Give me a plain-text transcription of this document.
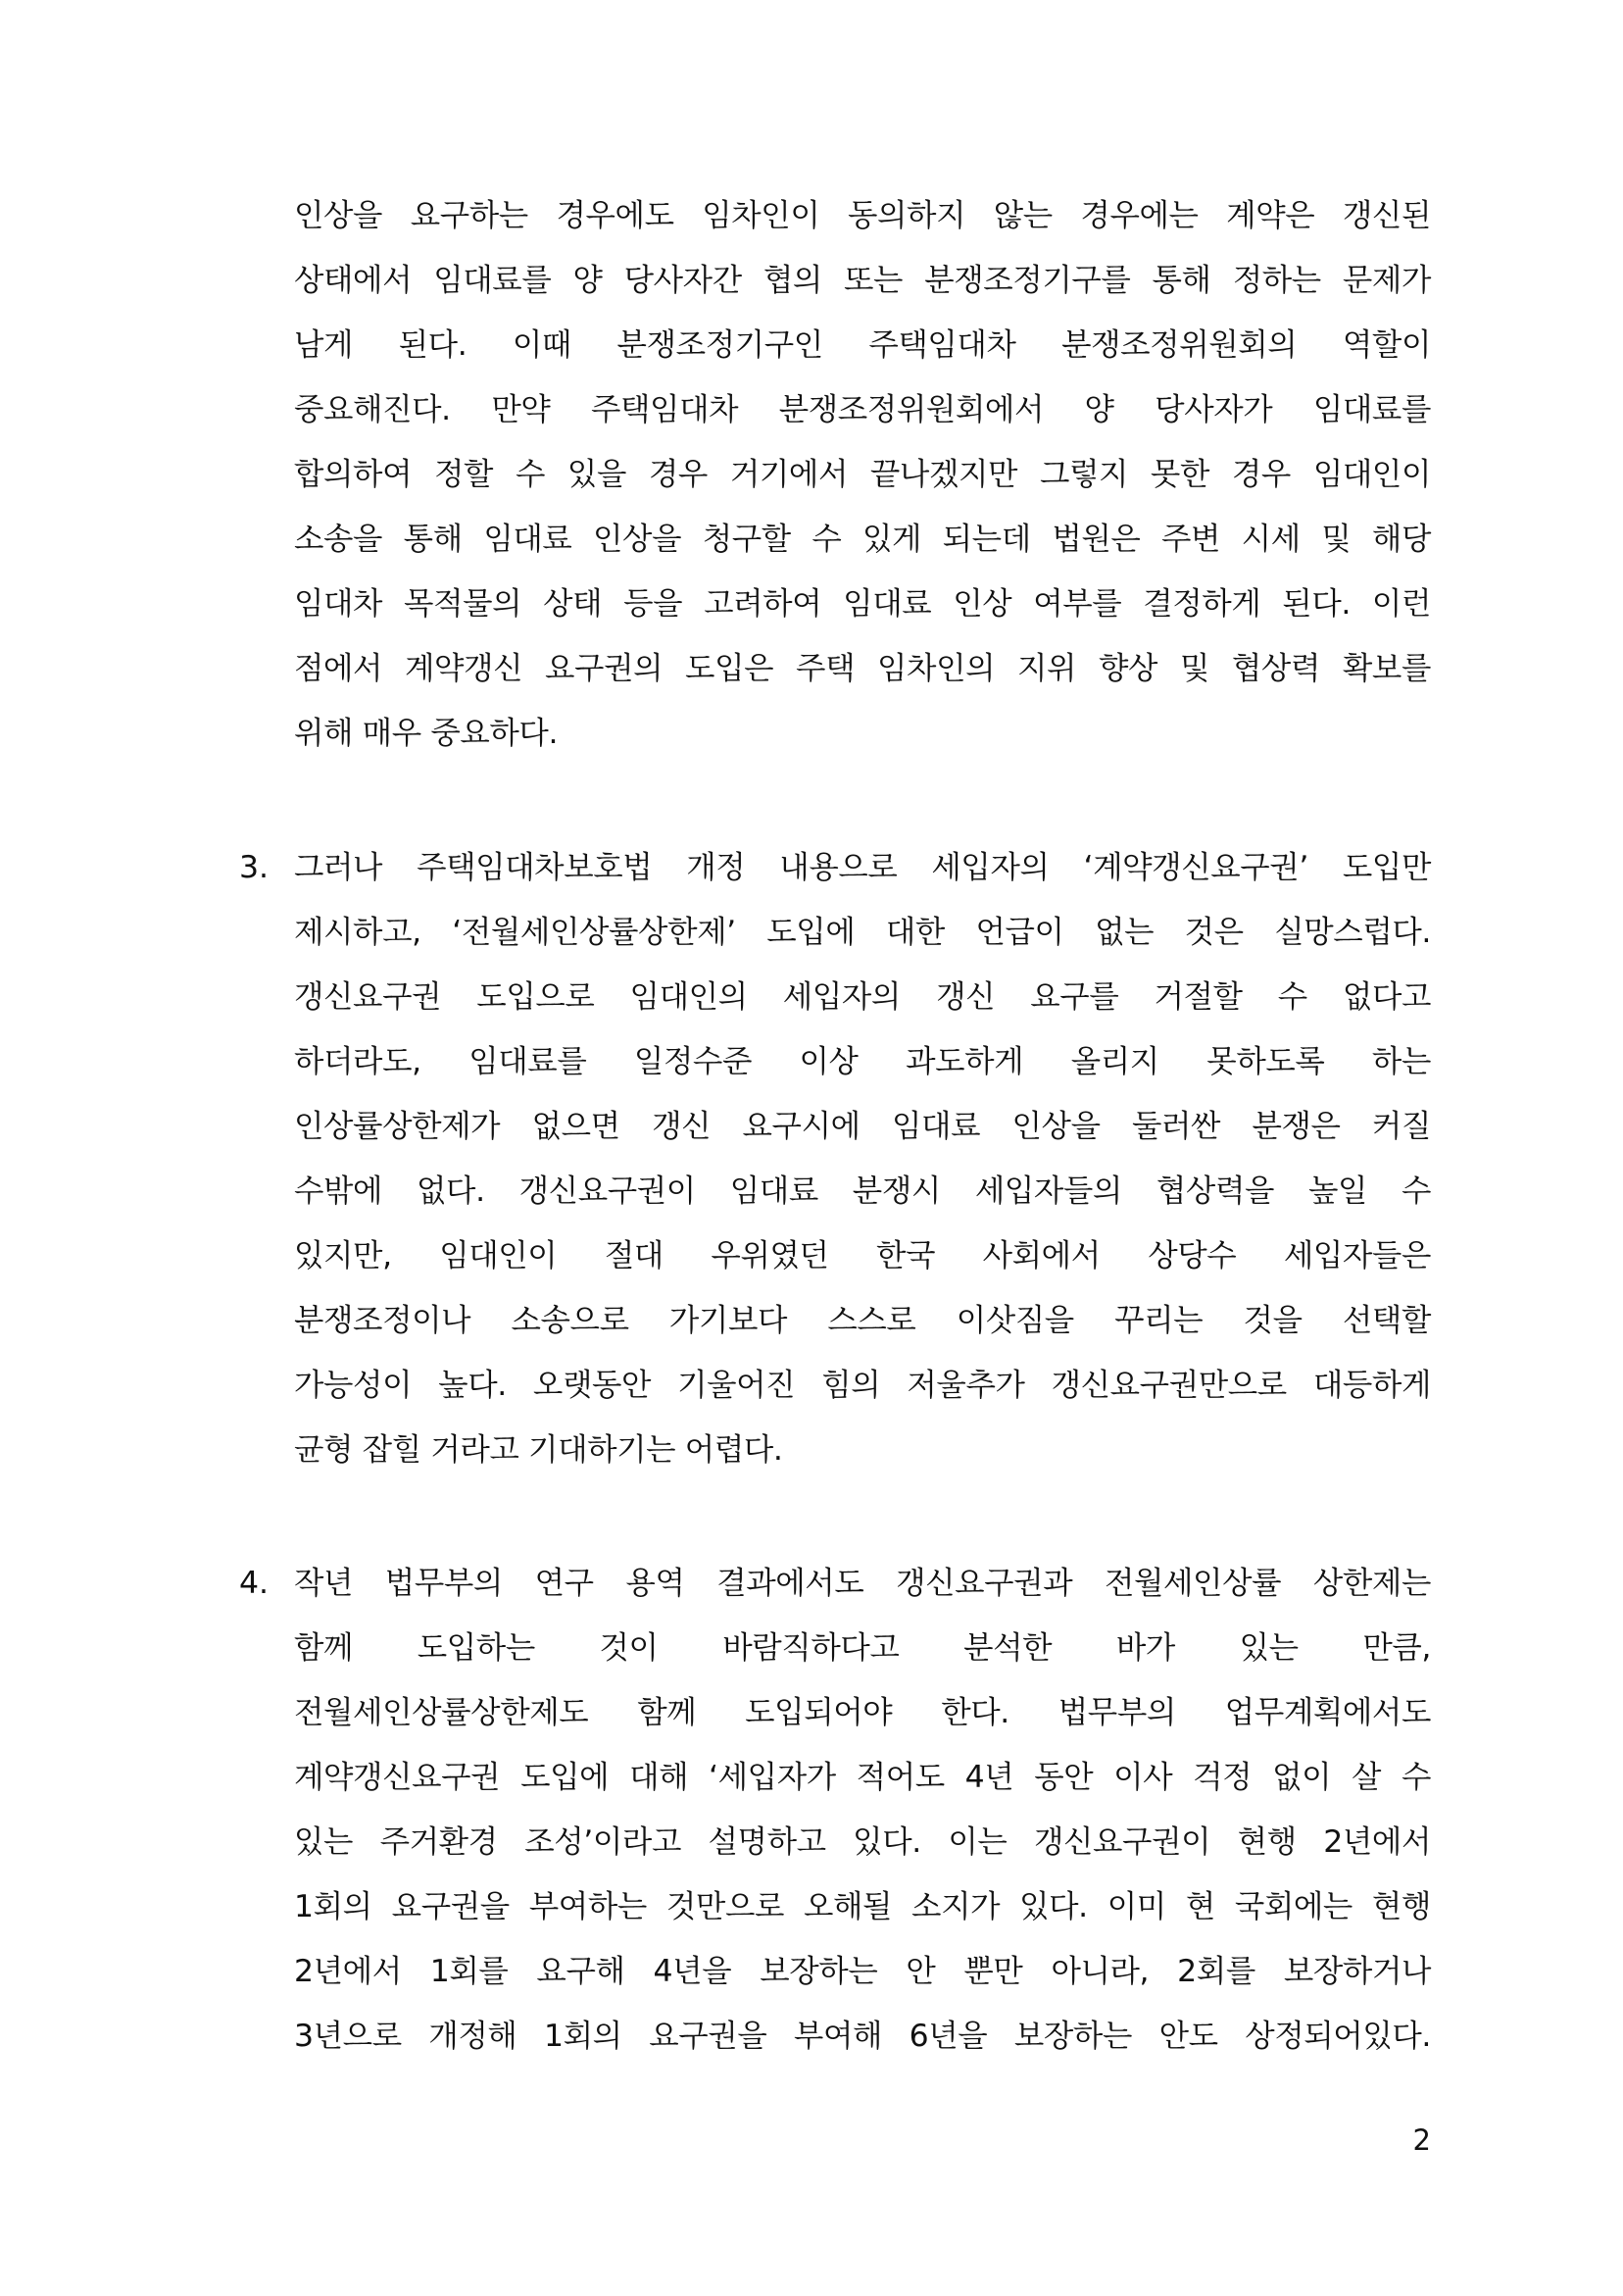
인상을 요구하는 경우에도 임차인이 동의하지 않는 경우에는 계약은 갱신된
상태에서 임대료를 양 당사자간 협의 또는 분쟁조정기구를 통해 정하는 문제가
남게 된다. 이때 분쟁조정기구인 주택임대차 분쟁조정위원회의 역할이
중요해진다. 만약 주택임대차 분쟁조정위원회에서 양 당사자가 임대료를
합의하여 정할 수 있을 경우 거기에서 끝나겠지만 그렇지 못한 경우 임대인이
소송을 통해 임대료 인상을 청구할 수 있게 되는데 법원은 주변 시세 및 해당
임대차 목적물의 상태 등을 고려하여 임대료 인상 여부를 결정하게 된다. 이런
점에서 계약갱신 요구권의 도입은 주택 임차인의 지위 향상 및 협상력 확보를
위해 매우 중요하다.
3. 그러나 주택임대차보호법 개정 내용으로 세입자의 ‘계약갱신요구권’ 도입만
제시하고, ‘전월세인상률상한제’ 도입에 대한 언급이 없는 것은 실망스럽다.
갱신요구권 도입으로 임대인의 세입자의 갱신 요구를 거절할 수 없다고
하더라도, 임대료를 일정수준 이상 과도하게 올리지 못하도록 하는
인상률상한제가 없으면 갱신 요구시에 임대료 인상을 둘러싼 분쟁은 커질
수밖에 없다. 갱신요구권이 임대료 분쟁시 세입자들의 협상력을 높일 수
있지만, 임대인이 절대 우위였던 한국 사회에서 상당수 세입자들은
분쟁조정이나 소송으로 가기보다 스스로 이삿짐을 꾸리는 것을 선택할
가능성이 높다. 오랫동안 기울어진 힘의 저울추가 갱신요구권만으로 대등하게
균형 잡힐 거라고 기대하기는 어렵다.
4. 작년 법무부의 연구 용역 결과에서도 갱신요구권과 전월세인상률 상한제는
함께 도입하는 것이 바람직하다고 분석한 바가 있는 만큼,
전월세인상률상한제도 함께 도입되어야 한다. 법무부의 업무계획에서도
계약갱신요구권 도입에 대해 ‘세입자가 적어도 4년 동안 이사 걱정 없이 살 수
있는 주거환경 조성’이라고 설명하고 있다. 이는 갱신요구권이 현행 2년에서
1회의 요구권을 부여하는 것만으로 오해될 소지가 있다. 이미 현 국회에는 현행
2년에서 1회를 요구해 4년을 보장하는 안 뿐만 아니라, 2회를 보장하거나
3년으로 개정해 1회의 요구권을 부여해 6년을 보장하는 안도 상정되어있다.
2
